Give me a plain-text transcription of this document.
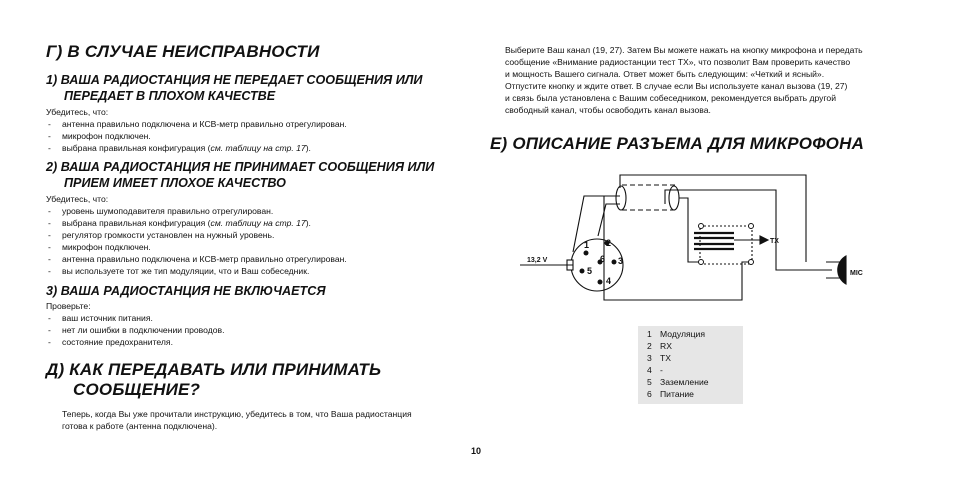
Г) В СЛУЧАЕ НЕИСПРАВНОСТИ
1) ВАША РАДИОСТАНЦИЯ НЕ ПЕРЕДАЕТ СООБЩЕНИЯ ИЛИ
ПЕРЕДАЕТ В ПЛОХОМ КАЧЕСТВЕ
Убедитесь, что:
- антенна правильно подключена и КСВ-метр правильно отрегулирован.
- микрофон подключен.
- выбрана правильная конфигурация (см. таблицу на стр. 17).
2) ВАША РАДИОСТАНЦИЯ НЕ ПРИНИМАЕТ СООБЩЕНИЯ ИЛИ
ПРИЕМ ИМЕЕТ ПЛОХОЕ КАЧЕСТВО
Убедитесь, что:
- уровень шумоподавителя правильно отрегулирован.
- выбрана правильная конфигурация (см. таблицу на стр. 17).
- регулятор громкости установлен на нужный уровень.
- микрофон подключен.
- антенна правильно подключена и КСВ-метр правильно отрегулирован.
- вы используете тот же тип модуляции, что и Ваш собеседник.
3) ВАША РАДИОСТАНЦИЯ НЕ ВКЛЮЧАЕТСЯ
Проверьте:
- ваш источник питания.
- нет ли ошибки в подключении проводов.
- состояние предохранителя.
Д) КАК ПЕРЕДАВАТЬ ИЛИ ПРИНИМАТЬ
СООБЩЕНИЕ?
Теперь, когда Вы уже прочитали инструкцию, убедитесь в том, что Ваша радиостанция
готова к работе (антенна подключена).
Выберите Ваш канал (19, 27). Затем Вы можете нажать на кнопку микрофона и передать
сообщение «Внимание радиостанции тест TX», что позволит Вам проверить качество
и мощность Вашего сигнала. Ответ может быть следующим: «Четкий и ясный».
Отпустите кнопку и ждите ответ. В случае если Вы используете канал вызова (19, 27)
и связь была установлена с Вашим собеседником, рекомендуется выбрать другой
свободный канал, чтобы освободить канал вызова.
Е) ОПИСАНИЕ РАЗЪЕМА ДЛЯ МИКРОФОНА
1 2
6 3
5
4
13,2 V
TX
MIC
1 Модуляция
2 RX
3 TX
4 -
5 Заземление
6 Питание
10
